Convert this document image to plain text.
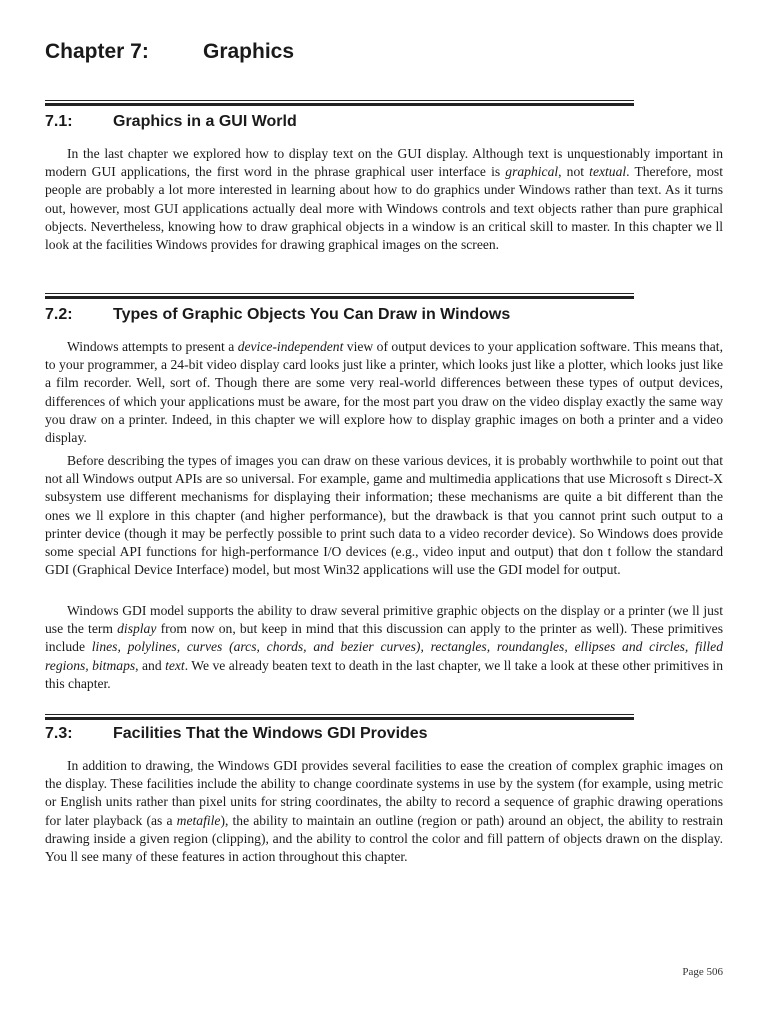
Chapter 7:	Graphics
7.1:	Graphics in a GUI World

In the last chapter we explored how to display text on the GUI display. Although text is unquestionably important in modern GUI applications, the first word in the phrase graphical user interface is graphical, not textual. Therefore, most people are probably a lot more interested in learning about how to do graphics under Windows rather than text. As it turns out, however, most GUI applications actually deal more with Windows controls and text objects rather than pure graphical objects. Nevertheless, knowing how to draw graphical objects in a window is an critical skill to master. In this chapter we ll look at the facilities Windows provides for drawing graphical images on the screen.

7.2:	Types of Graphic Objects You Can Draw in Windows

Windows attempts to present a device-independent view of output devices to your application software. This means that, to your programmer, a 24-bit video display card looks just like a printer, which looks just like a plotter, which looks just like a film recorder. Well, sort of. Though there are some very real-world differences between these types of output devices, differences of which your applications must be aware, for the most part you draw on the video display exactly the same way you draw on a printer. Indeed, in this chapter we will explore how to display graphic images on both a printer and a video display.

Before describing the types of images you can draw on these various devices, it is probably worthwhile to point out that not all Windows output APIs are so universal. For example, game and multimedia applications that use Microsoft s Direct-X subsystem use different mechanisms for displaying their information; these mechanisms are quite a bit different than the ones we ll explore in this chapter (and higher performance), but the drawback is that you cannot print such output to a printer device (though it may be perfectly possible to print such data to a video recorder device). So Windows does provide some special API functions for high-performance I/O devices (e.g., video input and output) that don t follow the standard GDI (Graphical Device Interface) model, but most Win32 applications will use the GDI model for output.

Windows GDI model supports the ability to draw several primitive graphic objects on the display or a printer (we ll just use the term display from now on, but keep in mind that this discussion can apply to the printer as well). These primitives include lines, polylines, curves (arcs, chords, and bezier curves), rectangles, roundangles, ellipses and circles, filled regions, bitmaps, and text. We ve already beaten text to death in the last chapter, we ll take a look at these other primitives in this chapter.

7.3:	Facilities That the Windows GDI Provides

In addition to drawing, the Windows GDI provides several facilities to ease the creation of complex graphic images on the display. These facilities include the ability to change coordinate systems in use by the system (for example, using metric or English units rather than pixel units for string coordinates, the abilty to record a sequence of graphic drawing operations for later playback (as a metafile), the ability to maintain an outline (region or path) around an object, the ability to restrain drawing inside a given region (clipping), and the ability to control the color and fill pattern of objects drawn on the display. You ll see many of these features in action throughout this chapter.

Page 506
